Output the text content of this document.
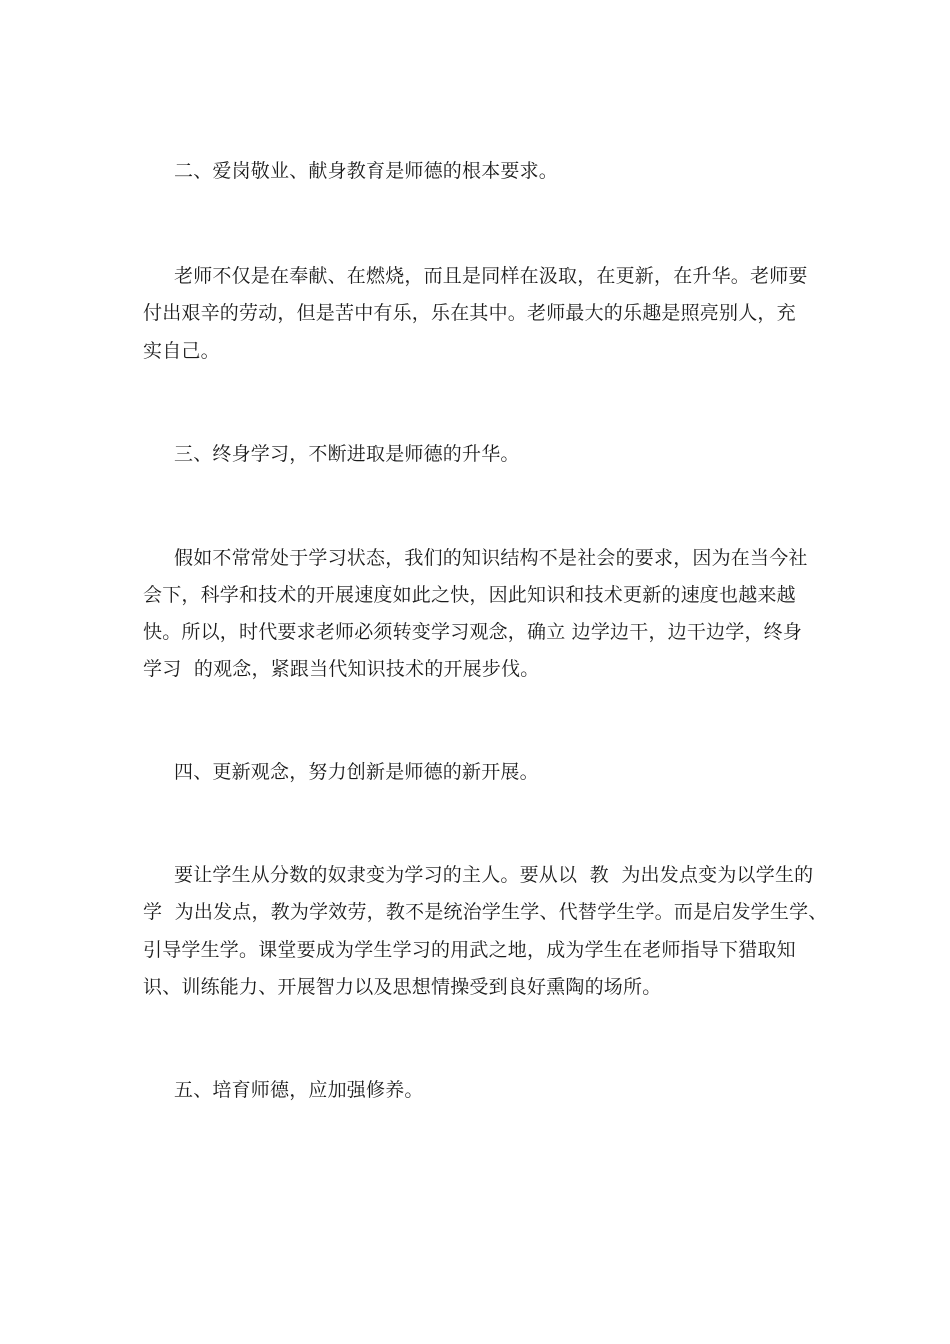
二、爱岗敬业、献身教育是师德的根本要求。
老师不仅是在奉献、在燃烧，而且是同样在汲取，在更新，在升华。老师要
付出艰辛的劳动，但是苦中有乐，乐在其中。老师最大的乐趣是照亮别人，充
实自己。
三、终身学习，不断进取是师德的升华。
假如不常常处于学习状态，我们的知识结构不是社会的要求，因为在当今社
会下，科学和技术的开展速度如此之快，因此知识和技术更新的速度也越来越
快。所以，时代要求老师必须转变学习观念，确立 边学边干，边干边学，终身
学习  的观念，紧跟当代知识技术的开展步伐。
四、更新观念，努力创新是师德的新开展。
要让学生从分数的奴隶变为学习的主人。要从以  教  为出发点变为以学生的
学  为出发点，教为学效劳，教不是统治学生学、代替学生学。而是启发学生学、
引导学生学。课堂要成为学生学习的用武之地，成为学生在老师指导下猎取知
识、训练能力、开展智力以及思想情操受到良好熏陶的场所。
五、培育师德，应加强修养。
